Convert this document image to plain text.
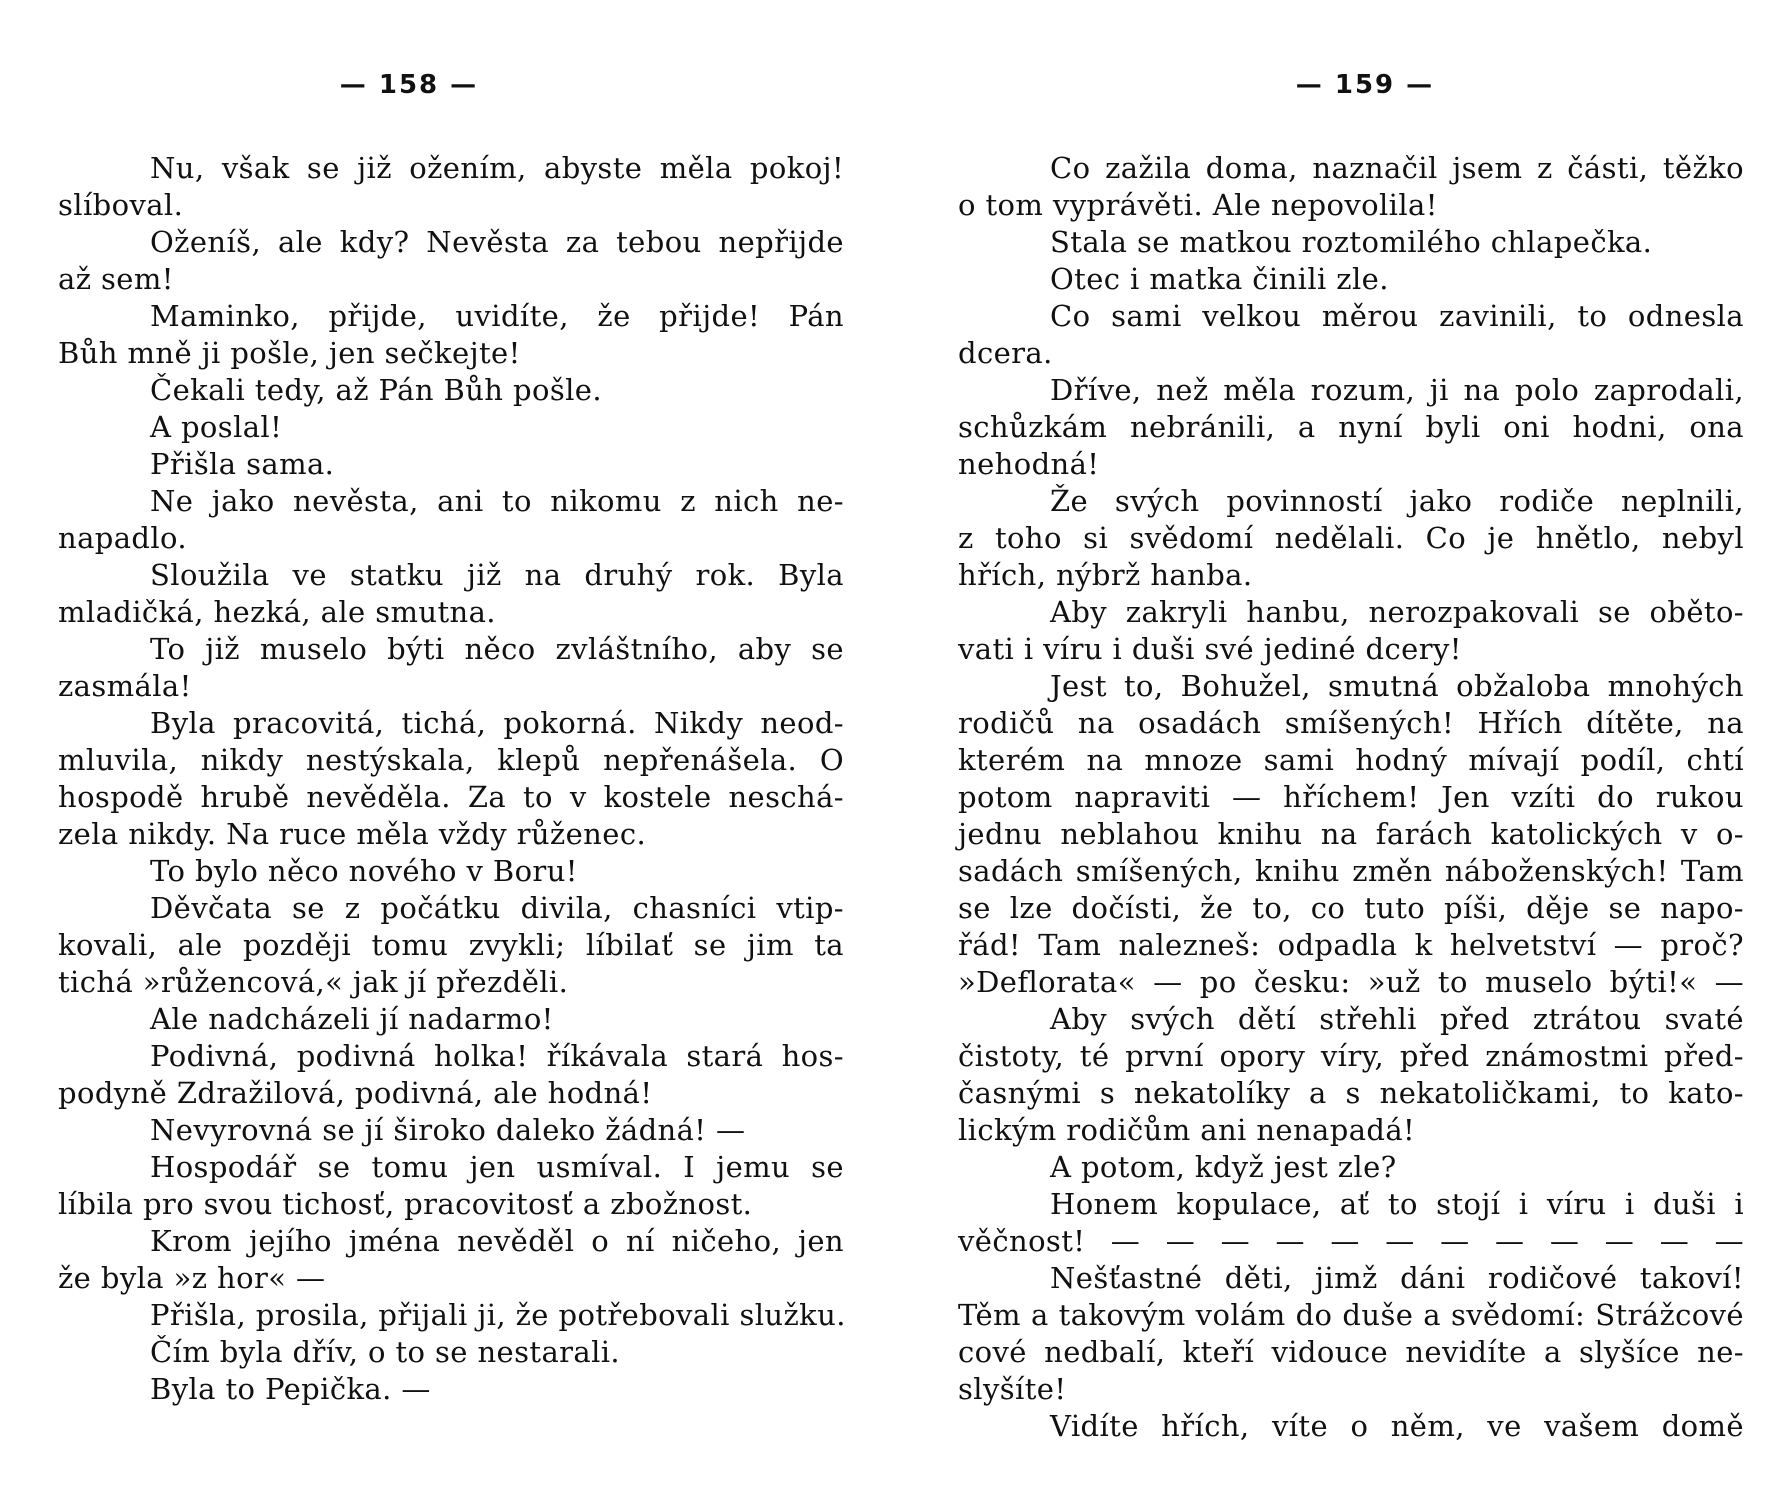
— 158 —
Nu, však se již ožením, abyste měla pokoj!
slíboval.
Oženíš, ale kdy? Nevěsta za tebou nepřijde
až sem!
Maminko, přijde, uvidíte, že přijde! Pán
Bůh mně ji pošle, jen sečkejte!
Čekali tedy, až Pán Bůh pošle.
A poslal!
Přišla sama.
Ne jako nevěsta, ani to nikomu z nich ne-
napadlo.
Sloužila ve statku již na druhý rok. Byla
mladičká, hezká, ale smutna.
To již muselo býti něco zvláštního, aby se
zasmála!
Byla pracovitá, tichá, pokorná. Nikdy neod-
mluvila, nikdy nestýskala, klepů nepřenášela. O
hospodě hrubě nevěděla. Za to v kostele neschá-
zela nikdy. Na ruce měla vždy růženec.
To bylo něco nového v Boru!
Děvčata se z počátku divila, chasníci vtip-
kovali, ale později tomu zvykli; líbilať se jim ta
tichá »růžencová,« jak jí přezděli.
Ale nadcházeli jí nadarmo!
Podivná, podivná holka! říkávala stará hos-
podyně Zdražilová, podivná, ale hodná!
Nevyrovná se jí široko daleko žádná! —
Hospodář se tomu jen usmíval. I jemu se
líbila pro svou tichosť, pracovitosť a zbožnost.
Krom jejího jména nevěděl o ní ničeho, jen
že byla »z hor« —
Přišla, prosila, přijali ji, že potřebovali služku.
Čím byla dřív, o to se nestarali.
Byla to Pepička. —
— 159 —
Co zažila doma, naznačil jsem z části, těžko
o tom vyprávěti. Ale nepovolila!
Stala se matkou roztomilého chlapečka.
Otec i matka činili zle.
Co sami velkou měrou zavinili, to odnesla
dcera.
Dříve, než měla rozum, ji na polo zaprodali,
schůzkám nebránili, a nyní byli oni hodni, ona
nehodná!
Že svých povinností jako rodiče neplnili,
z toho si svědomí nedělali. Co je hnětlo, nebyl
hřích, nýbrž hanba.
Aby zakryli hanbu, nerozpakovali se oběto-
vati i víru i duši své jediné dcery!
Jest to, Bohužel, smutná obžaloba mnohých
rodičů na osadách smíšených! Hřích dítěte, na
kterém na mnoze sami hodný mívají podíl, chtí
potom napraviti — hříchem! Jen vzíti do rukou
jednu neblahou knihu na farách katolických v o-
sadách smíšených, knihu změn náboženských! Tam
se lze dočísti, že to, co tuto píši, děje se napo-
řád! Tam nalezneš: odpadla k helvetství — proč?
»Deflorata« — po česku: »už to muselo býti!« —
Aby svých dětí střehli před ztrátou svaté
čistoty, té první opory víry, před známostmi před-
časnými s nekatolíky a s nekatoličkami, to kato-
lickým rodičům ani nenapadá!
A potom, když jest zle?
Honem kopulace, ať to stojí i víru i duši i
věčnost! — — — — — — — — — — — —
Nešťastné děti, jimž dáni rodičové takoví!
Těm a takovým volám do duše a svědomí: Strážcové
cové nedbalí, kteří vidouce nevidíte a slyšíce ne-
slyšíte!
Vidíte hřích, víte o něm, ve vašem domě
